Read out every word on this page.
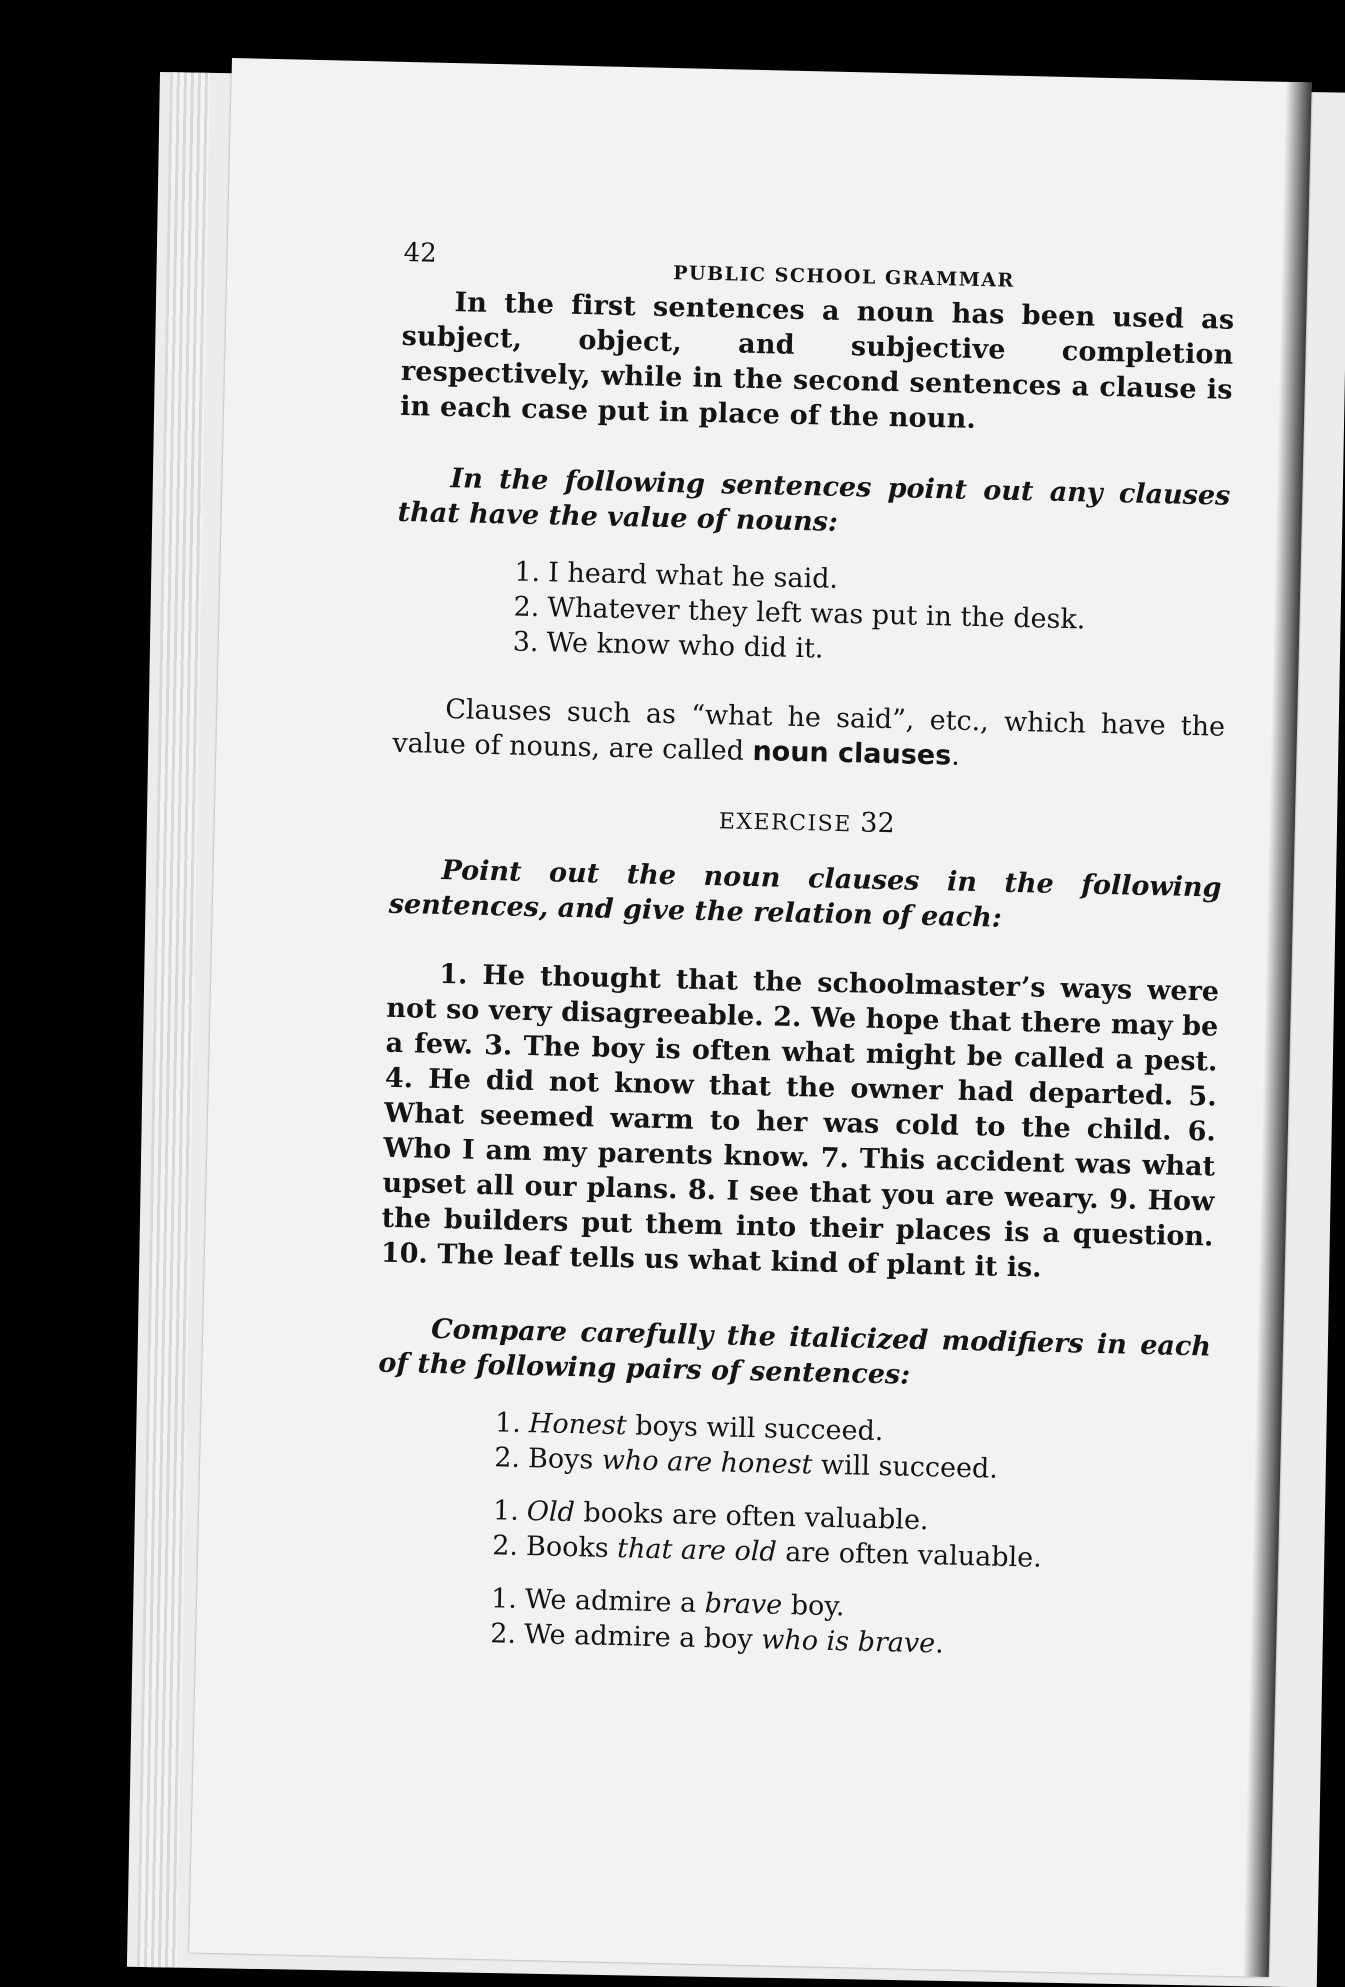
42
PUBLIC SCHOOL GRAMMAR

In the first sentences a noun has been used as subject, object, and subjective completion respectively, while in the second sentences a clause is in each case put in place of the noun.

In the following sentences point out any clauses that have the value of nouns:

1. I heard what he said.
2. Whatever they left was put in the desk.
3. We know who did it.

Clauses such as “what he said”, etc., which have the value of nouns, are called noun clauses.

EXERCISE 32

Point out the noun clauses in the following sentences, and give the relation of each:

1. He thought that the schoolmaster’s ways were not so very disagreeable. 2. We hope that there may be a few. 3. The boy is often what might be called a pest. 4. He did not know that the owner had departed. 5. What seemed warm to her was cold to the child. 6. Who I am my parents know. 7. This accident was what upset all our plans. 8. I see that you are weary. 9. How the builders put them into their places is a question. 10. The leaf tells us what kind of plant it is.

Compare carefully the italicized modifiers in each of the following pairs of sentences:

1. Honest boys will succeed.
2. Boys who are honest will succeed.
1. Old books are often valuable.
2. Books that are old are often valuable.
1. We admire a brave boy.
2. We admire a boy who is brave.
